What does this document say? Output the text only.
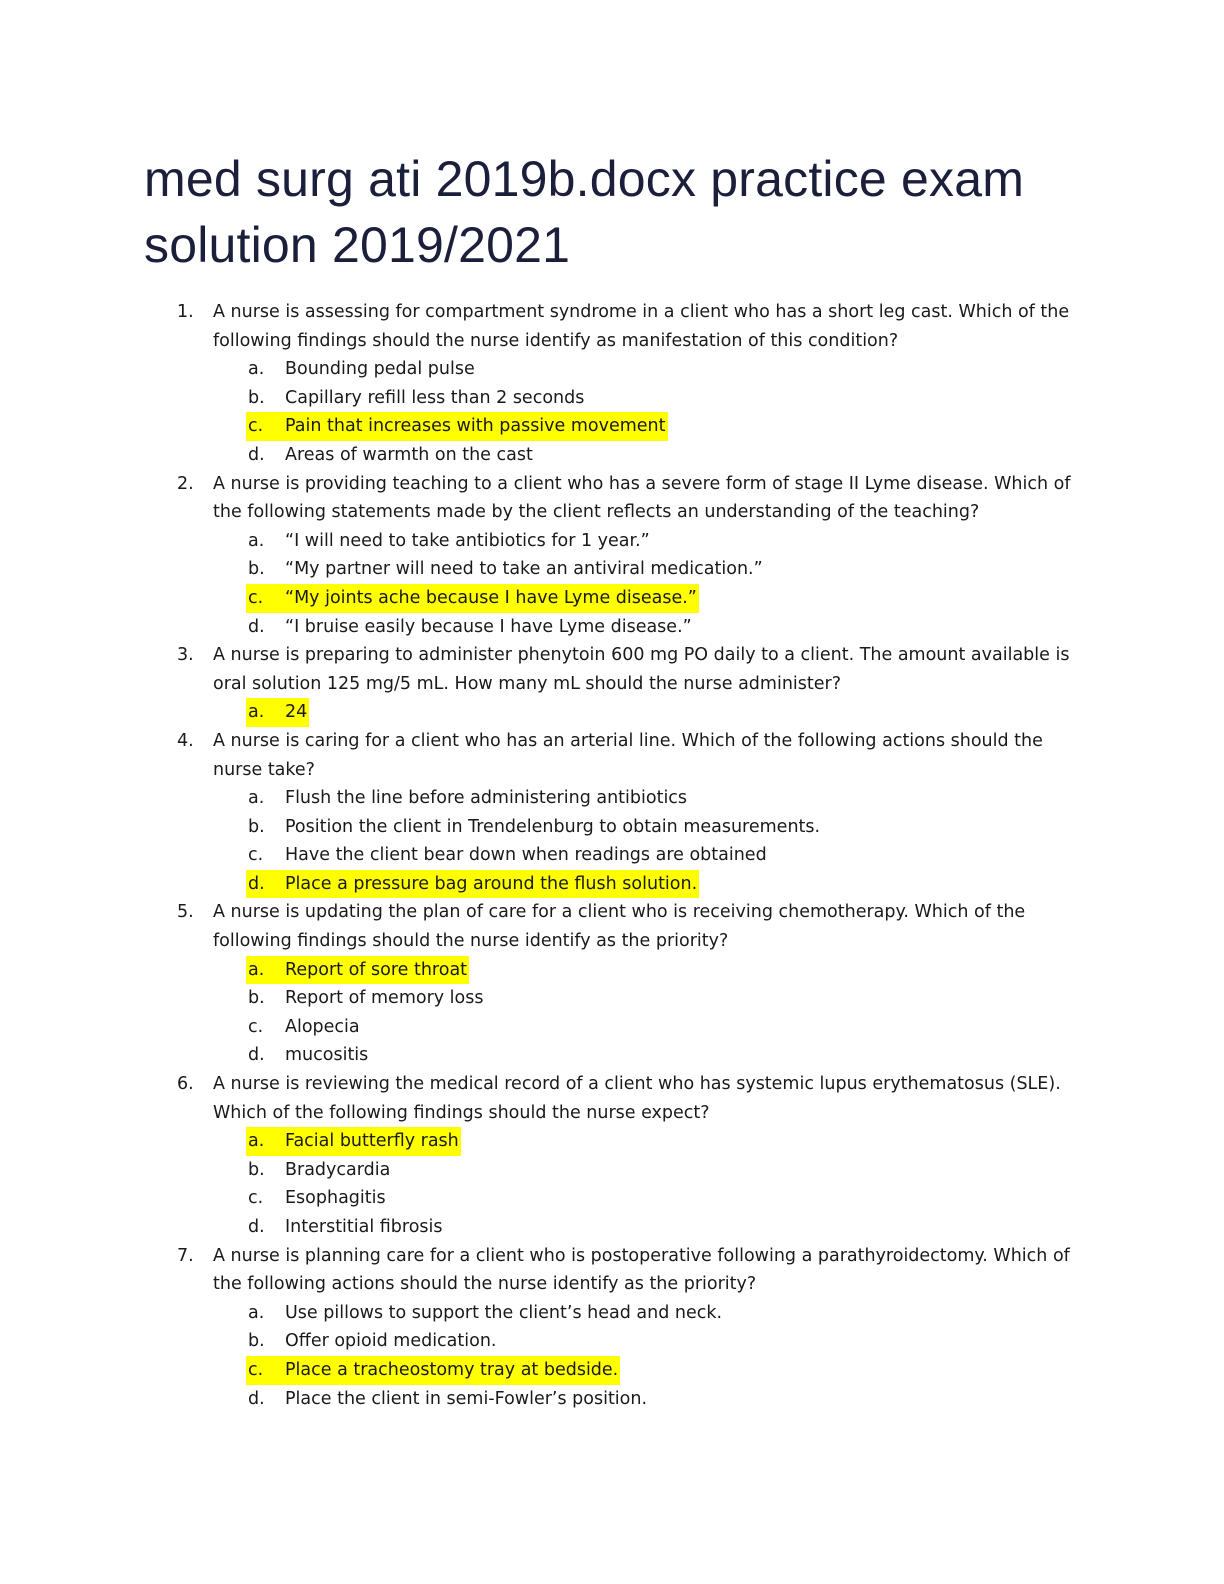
med surg ati 2019b.docx practice exam solution 2019/2021
1. A nurse is assessing for compartment syndrome in a client who has a short leg cast. Which of the following findings should the nurse identify as manifestation of this condition?
a. Bounding pedal pulse
b. Capillary refill less than 2 seconds
c. Pain that increases with passive movement
d. Areas of warmth on the cast
2. A nurse is providing teaching to a client who has a severe form of stage II Lyme disease. Which of the following statements made by the client reflects an understanding of the teaching?
a. “I will need to take antibiotics for 1 year.”
b. “My partner will need to take an antiviral medication.”
c. “My joints ache because I have Lyme disease.”
d. “I bruise easily because I have Lyme disease.”
3. A nurse is preparing to administer phenytoin 600 mg PO daily to a client. The amount available is oral solution 125 mg/5 mL. How many mL should the nurse administer?
a. 24
4. A nurse is caring for a client who has an arterial line. Which of the following actions should the nurse take?
a. Flush the line before administering antibiotics
b. Position the client in Trendelenburg to obtain measurements.
c. Have the client bear down when readings are obtained
d. Place a pressure bag around the flush solution.
5. A nurse is updating the plan of care for a client who is receiving chemotherapy. Which of the following findings should the nurse identify as the priority?
a. Report of sore throat
b. Report of memory loss
c. Alopecia
d. mucositis
6. A nurse is reviewing the medical record of a client who has systemic lupus erythematosus (SLE). Which of the following findings should the nurse expect?
a. Facial butterfly rash
b. Bradycardia
c. Esophagitis
d. Interstitial fibrosis
7. A nurse is planning care for a client who is postoperative following a parathyroidectomy. Which of the following actions should the nurse identify as the priority?
a. Use pillows to support the client’s head and neck.
b. Offer opioid medication.
c. Place a tracheostomy tray at bedside.
d. Place the client in semi-Fowler’s position.
